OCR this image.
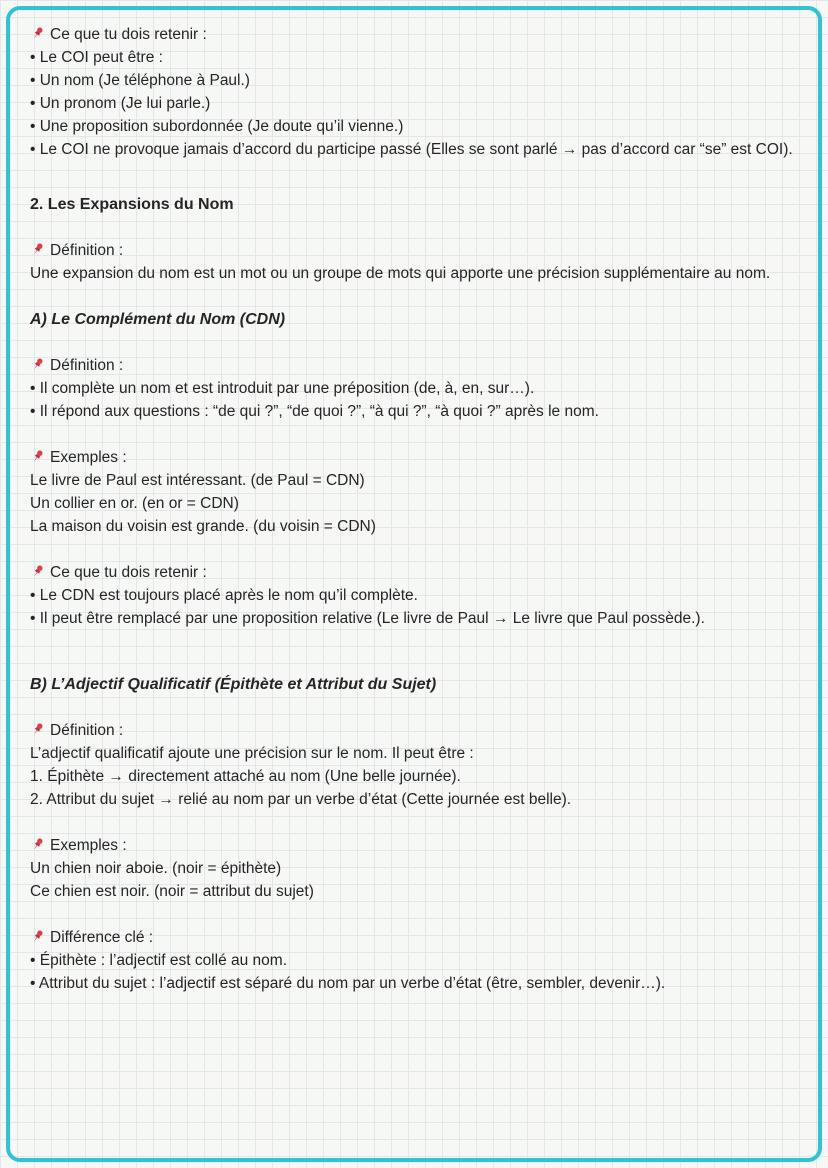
Ce que tu dois retenir :
• Le COI peut être :
• Un nom (Je téléphone à Paul.)
• Un pronom (Je lui parle.)
• Une proposition subordonnée (Je doute qu’il vienne.)
• Le COI ne provoque jamais d’accord du participe passé (Elles se sont parlé → pas d’accord car “se” est COI).
2. Les Expansions du Nom
Définition :
Une expansion du nom est un mot ou un groupe de mots qui apporte une précision supplémentaire au nom.
A) Le Complément du Nom (CDN)
Définition :
• Il complète un nom et est introduit par une préposition (de, à, en, sur…).
• Il répond aux questions : “de qui ?”, “de quoi ?”, “à qui ?”, “à quoi ?” après le nom.
Exemples :
Le livre de Paul est intéressant. (de Paul = CDN)
Un collier en or. (en or = CDN)
La maison du voisin est grande. (du voisin = CDN)
Ce que tu dois retenir :
• Le CDN est toujours placé après le nom qu’il complète.
• Il peut être remplacé par une proposition relative (Le livre de Paul → Le livre que Paul possède.).
B) L’Adjectif Qualificatif (Épithète et Attribut du Sujet)
Définition :
L’adjectif qualificatif ajoute une précision sur le nom. Il peut être :
1. Épithète → directement attaché au nom (Une belle journée).
2. Attribut du sujet → relié au nom par un verbe d’état (Cette journée est belle).
Exemples :
Un chien noir aboie. (noir = épithète)
Ce chien est noir. (noir = attribut du sujet)
Différence clé :
• Épithète : l’adjectif est collé au nom.
• Attribut du sujet : l’adjectif est séparé du nom par un verbe d’état (être, sembler, devenir…).
